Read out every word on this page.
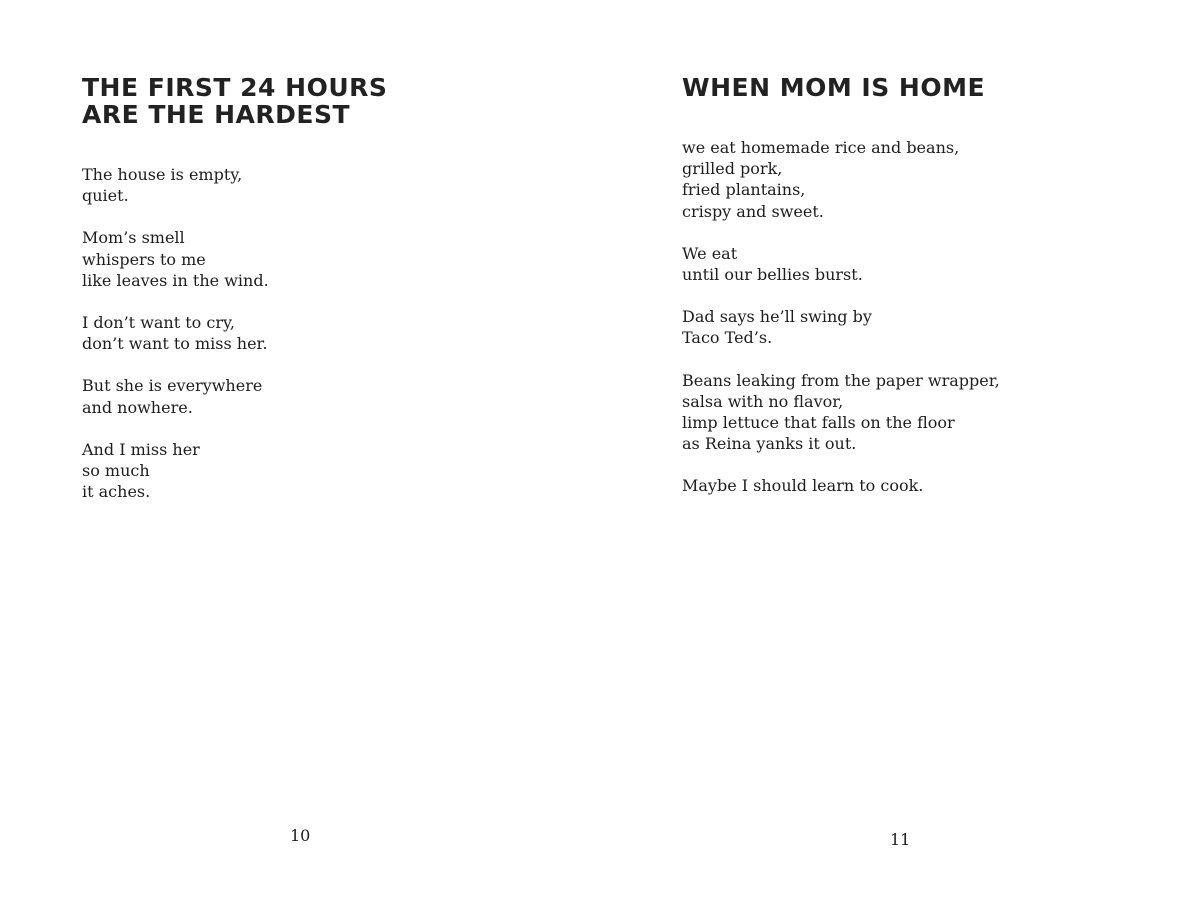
THE FIRST 24 HOURS
ARE THE HARDEST

The house is empty,
quiet.

Mom’s smell
whispers to me
like leaves in the wind.

I don’t want to cry,
don’t want to miss her.

But she is everywhere
and nowhere.

And I miss her
so much
it aches.

10
WHEN MOM IS HOME

we eat homemade rice and beans,
grilled pork,
fried plantains,
crispy and sweet.

We eat
until our bellies burst.

Dad says he’ll swing by
Taco Ted’s.

Beans leaking from the paper wrapper,
salsa with no flavor,
limp lettuce that falls on the floor
as Reina yanks it out.

Maybe I should learn to cook.

11
